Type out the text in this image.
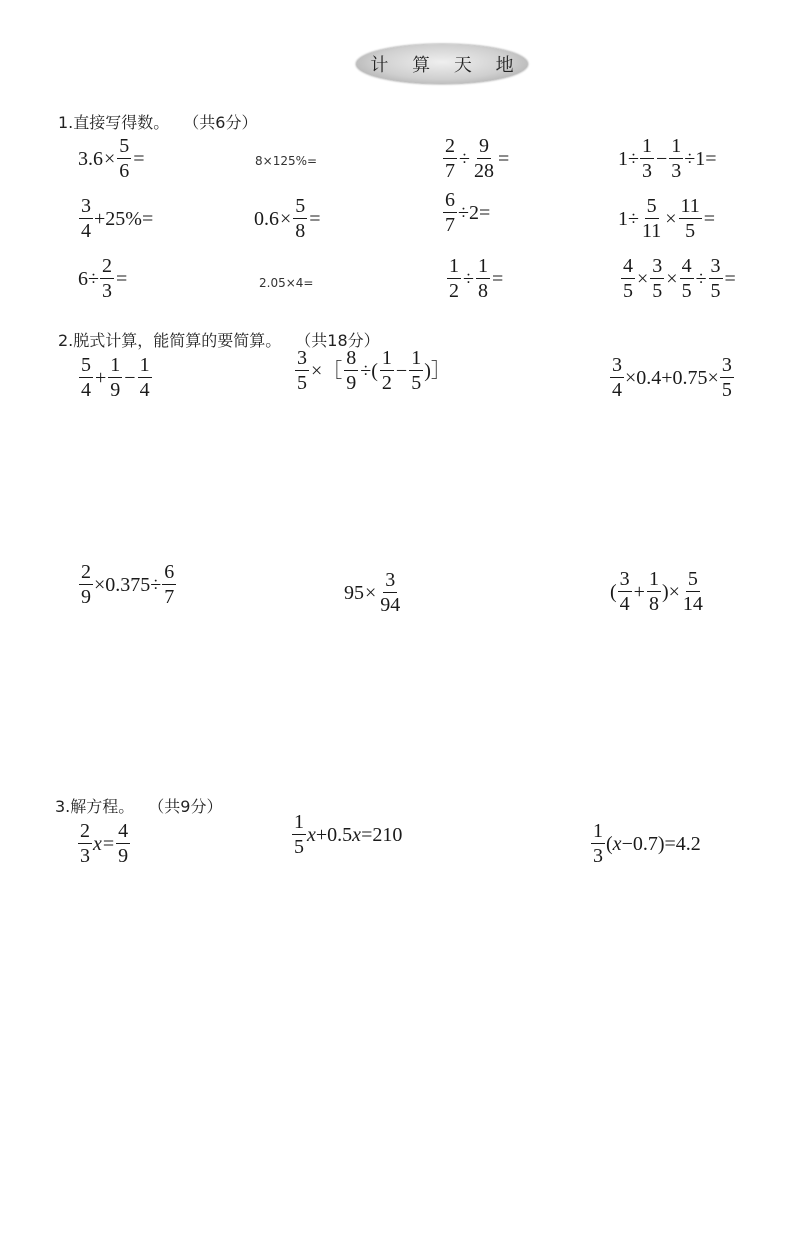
计 算 天 地
1.直接写得数。 （共6分）
2.脱式计算，能简算的要简算。 （共18分）
3.解方程。 （共9分）
$3.6 \times \frac{5}{6}$ =	8×125%=	$\frac{2}{7} \div \frac{9}{28}$ =	$1\div \frac{1}{3} - \frac{1}{3} \div 1=$
$\frac{3}{4} +25\%=$	$0.6 \times \frac{5}{8}$ =	$\frac{6}{7} \div 2=$	$1\div \frac{5}{11} \times \frac{11}{5}$ =
$6\div \frac{2}{3}$ =	2.05×4=	$\frac{1}{2} \div \frac{1}{8}$ =	$\frac{4}{5} \times \frac{3}{5} \times \frac{4}{5} \div \frac{3}{5}$ =
$\frac{5}{4} + \frac{1}{9} - \frac{1}{4}$	$\frac{3}{5}$ ×［ $\frac{8}{9}$ ÷( $\frac{1}{2} - \frac{1}{5}$ )］	$\frac{3}{4} \times 0.4+0.75\times \frac{3}{5}$
$\frac{2}{9} \times 0.375\div \frac{6}{7}$	$95 \times \frac{3}{94}$	( $\frac{3}{4} + \frac{1}{8}$ )× $\frac{5}{14}$
$\frac{2}{3}$ $x = \frac{4}{9}$	$\frac{1}{5}$ x +0.5 x =210	$\frac{1}{3}$ ( x −0.7)=4.2
